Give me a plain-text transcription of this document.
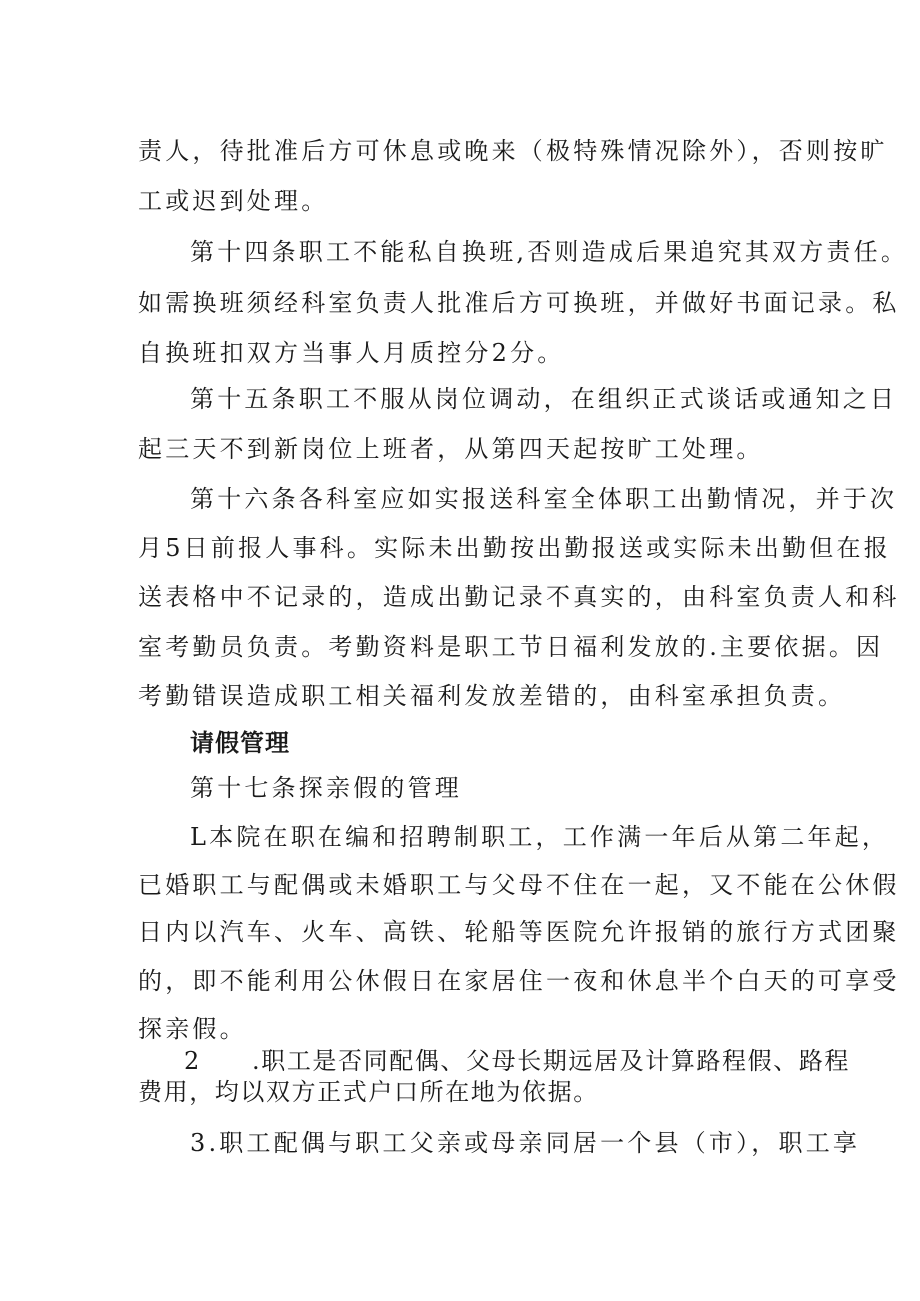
责人，待批准后方可休息或晚来（极特殊情况除外），否则按旷
工或迟到处理。
第十四条职工不能私自换班,否则造成后果追究其双方责任。
如需换班须经科室负责人批准后方可换班，并做好书面记录。私
自换班扣双方当事人月质控分2分。
第十五条职工不服从岗位调动，在组织正式谈话或通知之日
起三天不到新岗位上班者，从第四天起按旷工处理。
第十六条各科室应如实报送科室全体职工出勤情况，并于次
月5日前报人事科。实际未出勤按出勤报送或实际未出勤但在报
送表格中不记录的，造成出勤记录不真实的，由科室负责人和科
室考勤员负责。考勤资料是职工节日福利发放的.主要依据。因
考勤错误造成职工相关福利发放差错的，由科室承担负责。
请假管理
第十七条探亲假的管理
L本院在职在编和招聘制职工，工作满一年后从第二年起，
已婚职工与配偶或未婚职工与父母不住在一起，又不能在公休假
日内以汽车、火车、高铁、轮船等医院允许报销的旅行方式团聚
的，即不能利用公休假日在家居住一夜和休息半个白天的可享受
探亲假。
2 .职工是否同配偶、父母长期远居及计算路程假、路程
费用，均以双方正式户口所在地为依据。
3.职工配偶与职工父亲或母亲同居一个县（市），职工享
